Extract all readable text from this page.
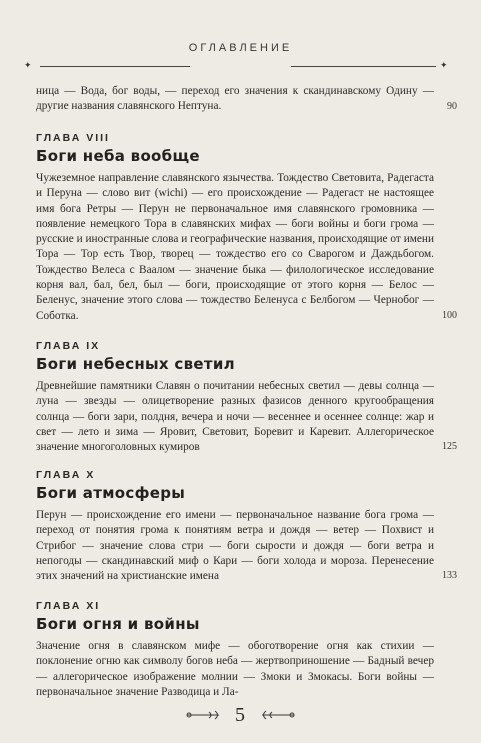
ОГЛАВЛЕНИЕ
✦	✦
ница — Вода, бог воды, — переход его значения к скандинавскому Одину — другие названия славянского Нептуна.	90
ГЛАВА VIII
Боги неба вообще
Чужеземное направление славянского язычества. Тождество Световита, Радегаста и Перуна — слово вит (wichi) — его происхождение — Радегаст не настоящее имя бога Ретры — Перун не первоначальное имя славянского громовника — появление немецкого Тора в славянских мифах — боги войны и боги грома — русские и иностранные слова и географические названия, происходящие от имени Тора — Тор есть Твор, творец — тождество его со Сварогом и Даждьбогом. Тождество Велеса с Ваалом — значение быка — филологическое исследование корня вал, бал, бел, был — боги, происходящие от этого корня — Белос — Беленус, значение этого слова — тождество Беленуса с Белбогом — Чернобог — Соботка.	100
ГЛАВА IX
Боги небесных светил
Древнейшие памятники Славян о почитании небесных светил — девы солнца — луна — звезды — олицетворение разных фазисов денного кругообращения солнца — боги зари, полдня, вечера и ночи — весеннее и осеннее солнце: жар и свет — лето и зима — Яровит, Световит, Боревит и Каревит. Аллегорическое значение многоголовных кумиров	125
ГЛАВА X
Боги атмосферы
Перун — происхождение его имени — первоначальное название бога грома — переход от понятия грома к понятиям ветра и дождя — ветер — Похвист и Стрибог — значение слова стри — боги сырости и дождя — боги ветра и непогоды — скандинавский миф о Кари — боги холода и мороза. Перенесение этих значений на христианские имена	133
ГЛАВА XI
Боги огня и войны
Значение огня в славянском мифе — обоготворение огня как стихии — поклонение огню как символу богов неба — жертвоприношение — Бадный вечер — аллегорическое изображение молнии — Змоки и Змокасы. Боги войны — первоначальное значение Разводица и Ла-
5
